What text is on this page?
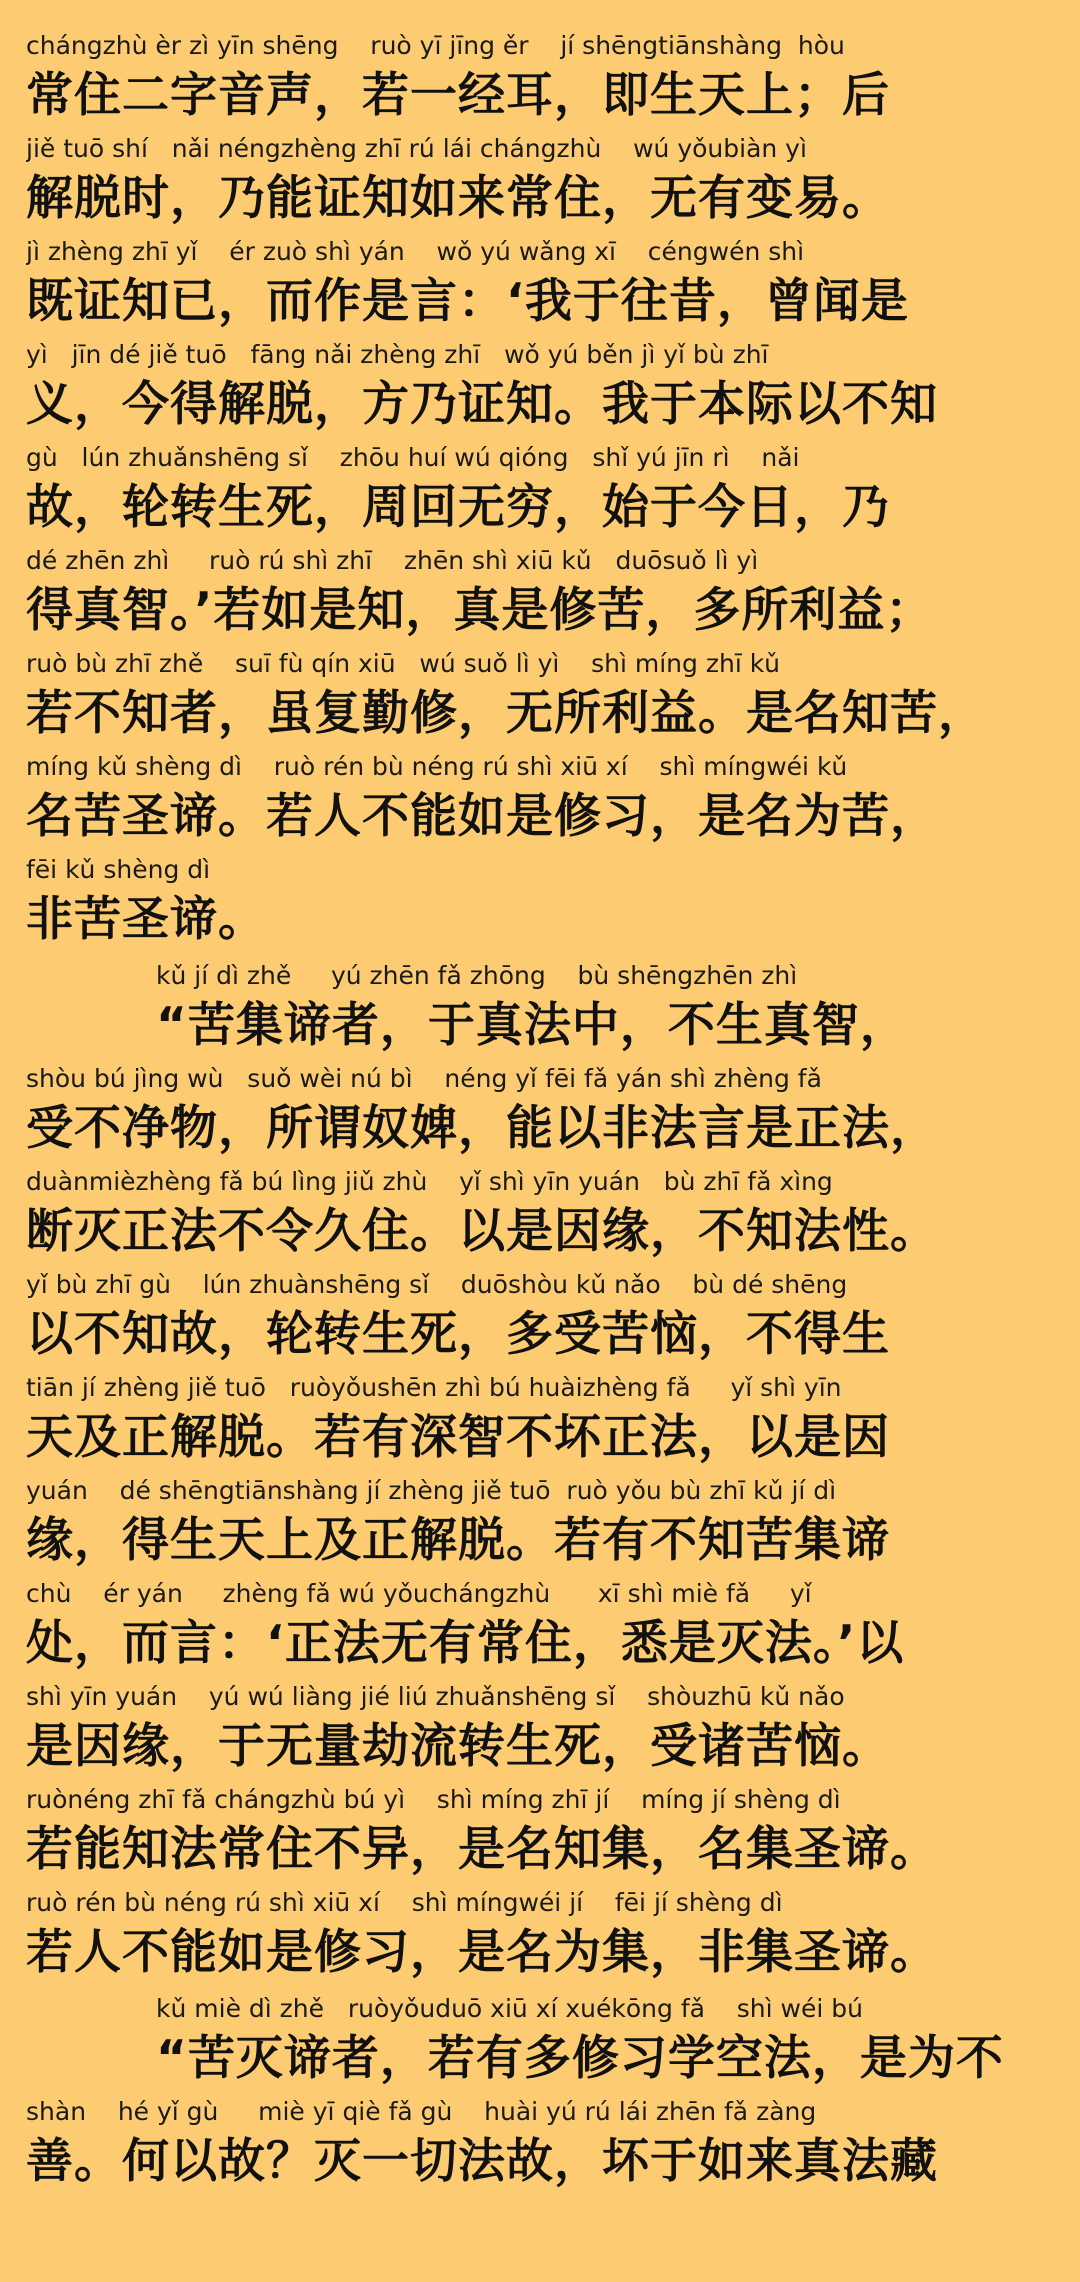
chángzhù èr zì yīn shēng    ruò yī jīng ěr    jí shēngtiānshàng  hòu
常住二字音声，若一经耳，即生天上；后
jiě tuō shí   nǎi néngzhèng zhī rú lái chángzhù    wú yǒubiàn yì
解脱时，乃能证知如来常住，无有变易。
jì zhèng zhī yǐ    ér zuò shì yán    wǒ yú wǎng xī    céngwén shì
既证知已，而作是言：‘我于往昔，曾闻是
yì   jīn dé jiě tuō   fāng nǎi zhèng zhī   wǒ yú běn jì yǐ bù zhī
义，今得解脱，方乃证知。我于本际以不知
gù   lún zhuǎnshēng sǐ    zhōu huí wú qióng   shǐ yú jīn rì    nǎi
故，轮转生死，周回无穷，始于今日，乃
dé zhēn zhì     ruò rú shì zhī    zhēn shì xiū kǔ   duōsuǒ lì yì
得真智。’若如是知，真是修苦，多所利益；
ruò bù zhī zhě    suī fù qín xiū   wú suǒ lì yì    shì míng zhī kǔ
若不知者，虽复勤修，无所利益。是名知苦，
míng kǔ shèng dì    ruò rén bù néng rú shì xiū xí    shì míngwéi kǔ
名苦圣谛。若人不能如是修习，是名为苦，
fēi kǔ shèng dì
非苦圣谛。
kǔ jí dì zhě     yú zhēn fǎ zhōng    bù shēngzhēn zhì
“苦集谛者，于真法中，不生真智，
shòu bú jìng wù   suǒ wèi nú bì    néng yǐ fēi fǎ yán shì zhèng fǎ
受不净物，所谓奴婢，能以非法言是正法，
duànmièzhèng fǎ bú lìng jiǔ zhù    yǐ shì yīn yuán   bù zhī fǎ xìng
断灭正法不令久住。以是因缘，不知法性。
yǐ bù zhī gù    lún zhuànshēng sǐ    duōshòu kǔ nǎo    bù dé shēng
以不知故，轮转生死，多受苦恼，不得生
tiān jí zhèng jiě tuō   ruòyǒushēn zhì bú huàizhèng fǎ     yǐ shì yīn
天及正解脱。若有深智不坏正法，以是因
yuán    dé shēngtiānshàng jí zhèng jiě tuō  ruò yǒu bù zhī kǔ jí dì
缘，得生天上及正解脱。若有不知苦集谛
chù    ér yán     zhèng fǎ wú yǒuchángzhù      xī shì miè fǎ     yǐ
处，而言：‘正法无有常住，悉是灭法。’以
shì yīn yuán    yú wú liàng jié liú zhuǎnshēng sǐ    shòuzhū kǔ nǎo
是因缘，于无量劫流转生死，受诸苦恼。
ruònéng zhī fǎ chángzhù bú yì    shì míng zhī jí    míng jí shèng dì
若能知法常住不异，是名知集，名集圣谛。
ruò rén bù néng rú shì xiū xí    shì míngwéi jí    fēi jí shèng dì
若人不能如是修习，是名为集，非集圣谛。
kǔ miè dì zhě   ruòyǒuduō xiū xí xuékōng fǎ    shì wéi bú
“苦灭谛者，若有多修习学空法，是为不
shàn    hé yǐ gù     miè yī qiè fǎ gù    huài yú rú lái zhēn fǎ zàng
善。何以故？灭一切法故，坏于如来真法藏
